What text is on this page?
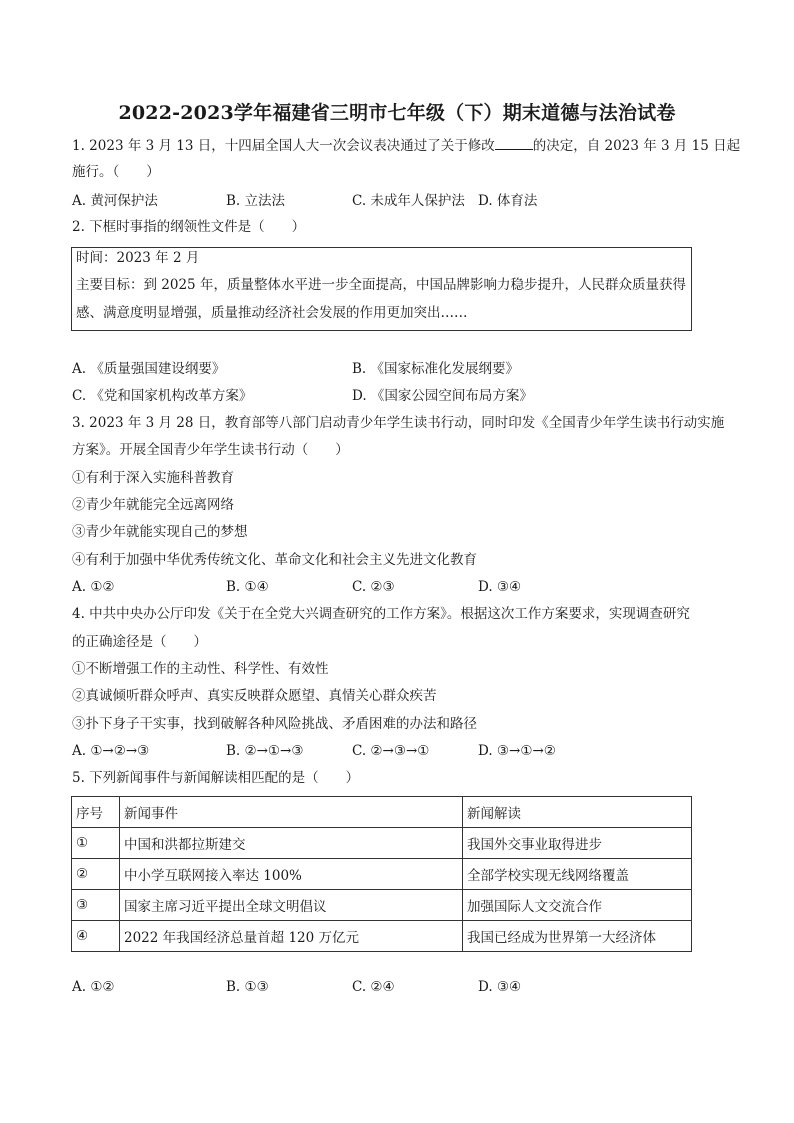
2022-2023学年福建省三明市七年级（下）期末道德与法治试卷
1. 2023 年 3 月 13 日，十四届全国人大一次会议表决通过了关于修改	的决定，自 2023 年 3 月 15 日起
施行。（　　）
A. 黄河保护法	B. 立法法	C. 未成年人保护法 D. 体育法
2. 下框时事指的纲领性文件是（　　）
时间：2023 年 2 月
主要目标：到 2025 年，质量整体水平进一步全面提高，中国品牌影响力稳步提升，人民群众质量获得
感、满意度明显增强，质量推动经济社会发展的作用更加突出……
A. 《质量强国建设纲要》	B. 《国家标准化发展纲要》
C. 《党和国家机构改革方案》	D. 《国家公园空间布局方案》
3. 2023 年 3 月 28 日，教育部等八部门启动青少年学生读书行动，同时印发《全国青少年学生读书行动实施
方案》。开展全国青少年学生读书行动（　　）
①有利于深入实施科普教育
②青少年就能完全远离网络
③青少年就能实现自己的梦想
④有利于加强中华优秀传统文化、革命文化和社会主义先进文化教育
A. ①②	B. ①④	C. ②③	D. ③④
4. 中共中央办公厅印发《关于在全党大兴调查研究的工作方案》。根据这次工作方案要求，实现调查研究
的正确途径是（　　）
①不断增强工作的主动性、科学性、有效性
②真诚倾听群众呼声、真实反映群众愿望、真情关心群众疾苦
③扑下身子干实事，找到破解各种风险挑战、矛盾困难的办法和路径
A. ①→②→③	B. ②→①→③	C. ②→③→①	D. ③→①→②
5. 下列新闻事件与新闻解读相匹配的是（　　）
序号	新闻事件	新闻解读
①	中国和洪都拉斯建交	我国外交事业取得进步
②	中小学互联网接入率达 100%	全部学校实现无线网络覆盖
③	国家主席习近平提出全球文明倡议	加强国际人文交流合作
④	2022 年我国经济总量首超 120 万亿元	我国已经成为世界第一大经济体
A. ①②	B. ①③	C. ②④	D. ③④
